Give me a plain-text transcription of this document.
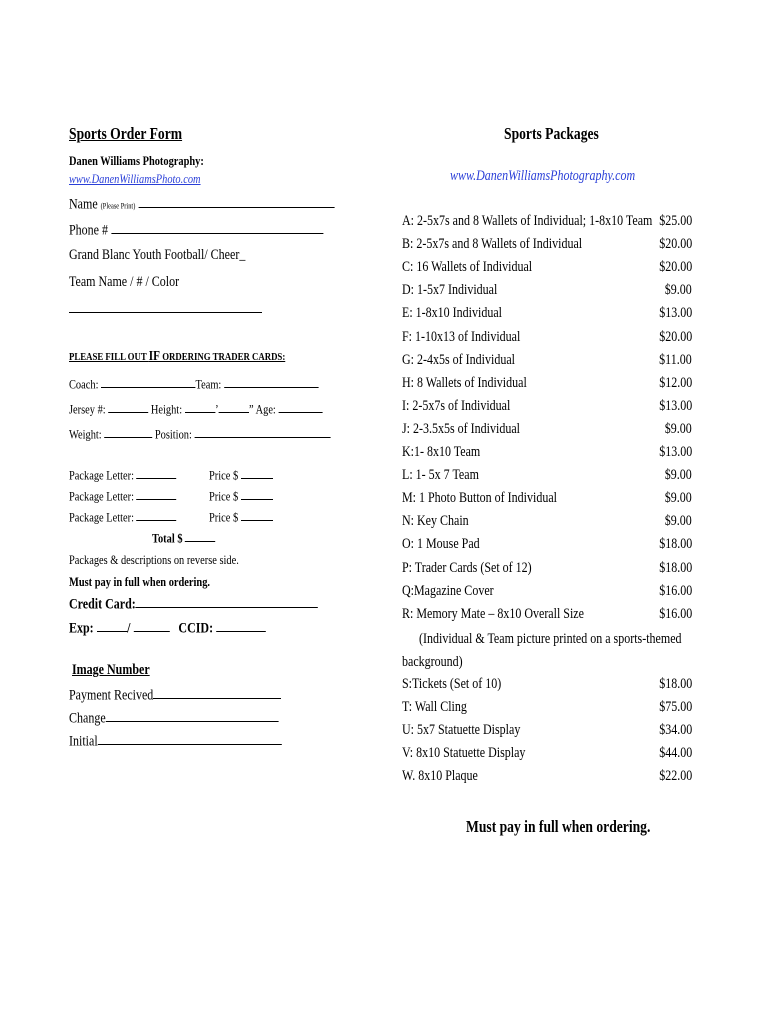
Sports Order Form
Danen Williams Photography:
www.DanenWilliamsPhoto.com
Name (Please Print)
Phone #
Grand Blanc Youth Football/ Cheer_
Team Name / # / Color
PLEASE FILL OUT IF ORDERING TRADER CARDS:
Coach:	Team:
Jersey #:	Height:	’ ” Age:
Weight:	Position:
Package Letter:	Price $
Package Letter:	Price $
Package Letter:	Price $
Total $
Packages & descriptions on reverse side.
Must pay in full when ordering.
Credit Card:
Exp: /	CCID:
Image Number
Payment Recived
Change
Initial
Sports Packages
www.DanenWilliamsPhotography.com
A: 2-5x7s and 8 Wallets of Individual; 1-8x10 Team $25.00
B: 2-5x7s and 8 Wallets of Individual	$20.00
C: 16 Wallets of Individual	$20.00
D: 1-5x7 Individual	$9.00
E: 1-8x10 Individual	$13.00
F: 1-10x13 of Individual	$20.00
G: 2-4x5s of Individual	$11.00
H: 8 Wallets of Individual	$12.00
I: 2-5x7s of Individual	$13.00
J: 2-3.5x5s of Individual	$9.00
K:1- 8x10 Team	$13.00
L: 1- 5x 7 Team	$9.00
M: 1 Photo Button of Individual	$9.00
N: Key Chain	$9.00
O: 1 Mouse Pad	$18.00
P: Trader Cards (Set of 12)	$18.00
Q:Magazine Cover	$16.00
R: Memory Mate – 8x10 Overall Size	$16.00
(Individual & Team picture printed on a sports-themed
background)
S:Tickets (Set of 10)	$18.00
T: Wall Cling	$75.00
U: 5x7 Statuette Display	$34.00
V: 8x10 Statuette Display	$44.00
W. 8x10 Plaque	$22.00
Must pay in full when ordering.
